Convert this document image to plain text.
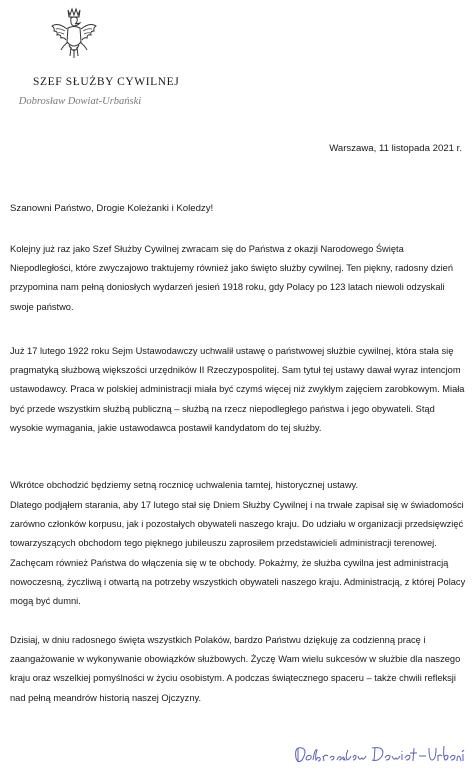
SZEF SŁUŻBY CYWILNEJ
Dobrosław Dowiat-Urbański
Warszawa, 11 listopada 2021 r.
Szanowni Państwo, Drogie Koleżanki i Koledzy!
Kolejny już raz jako Szef Służby Cywilnej zwracam się do Państwa z okazji Narodowego Święta Niepodległości, które zwyczajowo traktujemy również jako święto służby cywilnej. Ten piękny, radosny dzień przypomina nam pełną doniosłych wydarzeń jesień 1918 roku, gdy Polacy po 123 latach niewoli odzyskali swoje państwo.
Już 17 lutego 1922 roku Sejm Ustawodawczy uchwalił ustawę o państwowej służbie cywilnej, która stała się pragmatyką służbową większości urzędników II Rzeczypospolitej. Sam tytuł tej ustawy dawał wyraz intencjom ustawodawcy. Praca w polskiej administracji miała być czymś więcej niż zwykłym zajęciem zarobkowym. Miała być przede wszystkim służbą publiczną – służbą na rzecz niepodległego państwa i jego obywateli. Stąd wysokie wymagania, jakie ustawodawca postawił kandydatom do tej służby.
Wkrótce obchodzić będziemy setną rocznicę uchwalenia tamtej, historycznej ustawy.
Dlatego podjąłem starania, aby 17 lutego stał się Dniem Służby Cywilnej i na trwałe zapisał się w świadomości zarówno członków korpusu, jak i pozostałych obywateli naszego kraju. Do udziału w organizacji przedsięwzięć towarzyszących obchodom tego pięknego jubileuszu zaprosiłem przedstawicieli administracji terenowej. Zachęcam również Państwa do włączenia się w te obchody. Pokażmy, że służba cywilna jest administracją nowoczesną, życzliwą i otwartą na potrzeby wszystkich obywateli naszego kraju. Administracją, z której Polacy mogą być dumni.
Dzisiaj, w dniu radosnego święta wszystkich Polaków, bardzo Państwu dziękuję za codzienną pracę i zaangażowanie w wykonywanie obowiązków służbowych. Życzę Wam wielu sukcesów w służbie dla naszego kraju oraz wszelkiej pomyślności w życiu osobistym. A podczas świątecznego spaceru – także chwili refleksji nad pełną meandrów historią naszej Ojczyzny.
